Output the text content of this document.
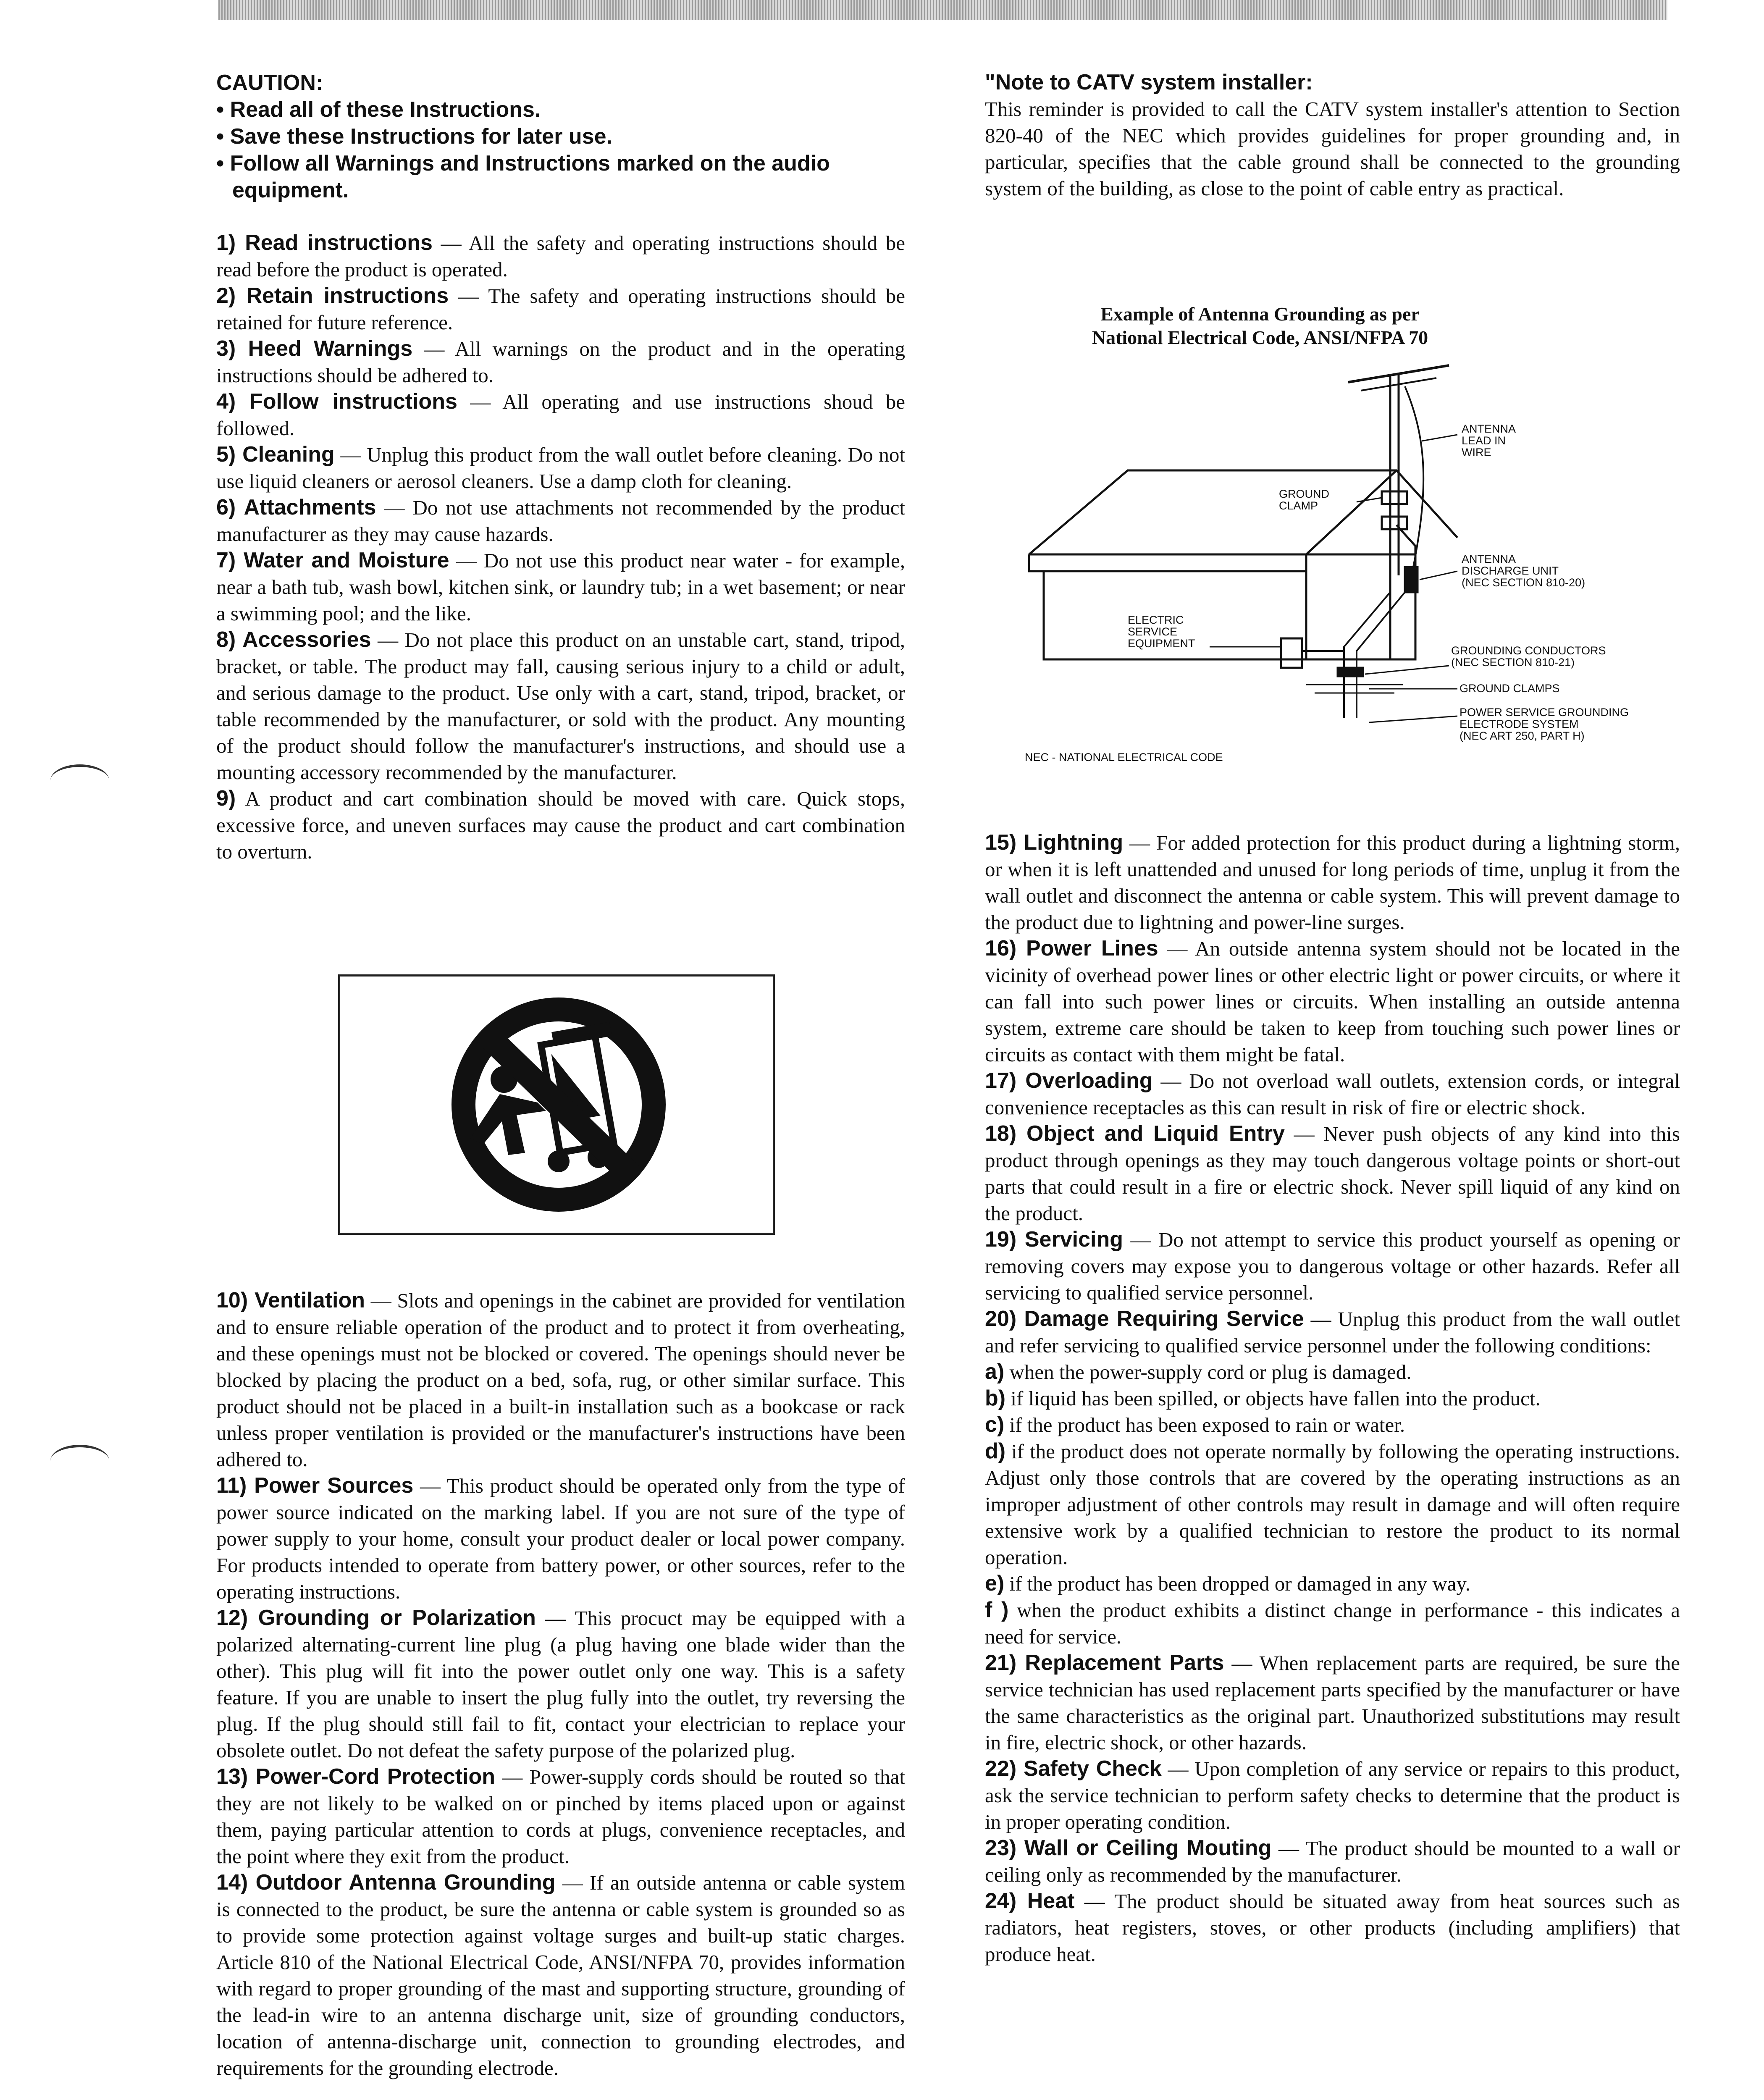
CAUTION:

• Read all of these Instructions.

• Save these Instructions for later use.

• Follow all Warnings and Instructions marked on the audio

equipment.

1) Read instructions — All the safety and operating instructions should be read before the product is operated.

2) Retain instructions — The safety and operating instructions should be retained for future reference.

3) Heed Warnings — All warnings on the product and in the operating instructions should be adhered to.

4) Follow instructions — All operating and use instructions shoud be followed.

5) Cleaning — Unplug this product from the wall outlet before cleaning. Do not use liquid cleaners or aerosol cleaners. Use a damp cloth for cleaning.

6) Attachments — Do not use attachments not recommended by the product manufacturer as they may cause hazards.

7) Water and Moisture — Do not use this product near water - for example, near a bath tub, wash bowl, kitchen sink, or laundry tub; in a wet basement; or near a swimming pool; and the like.

8) Accessories — Do not place this product on an unstable cart, stand, tripod, bracket, or table. The product may fall, causing serious injury to a child or adult, and serious damage to the product. Use only with a cart, stand, tripod, bracket, or table recommended by the manufacturer, or sold with the product. Any mounting of the product should follow the manufacturer's instructions, and should use a mounting accessory recommended by the manufacturer.

9) A product and cart combination should be moved with care. Quick stops, excessive force, and uneven surfaces may cause the product and cart combination to overturn.

10) Ventilation — Slots and openings in the cabinet are provided for ventilation and to ensure reliable operation of the product and to protect it from overheating, and these openings must not be blocked or covered. The openings should never be blocked by placing the product on a bed, sofa, rug, or other similar surface. This product should not be placed in a built-in installation such as a bookcase or rack unless proper ventilation is provided or the manufacturer's instructions have been adhered to.

11) Power Sources — This product should be operated only from the type of power source indicated on the marking label. If you are not sure of the type of power supply to your home, consult your product dealer or local power company. For products intended to operate from battery power, or other sources, refer to the operating instructions.

12) Grounding or Polarization — This procuct may be equipped with a polarized alternating-current line plug (a plug having one blade wider than the other). This plug will fit into the power outlet only one way. This is a safety feature. If you are unable to insert the plug fully into the outlet, try reversing the plug. If the plug should still fail to fit, contact your electrician to replace your obsolete outlet. Do not defeat the safety purpose of the polarized plug.

13) Power-Cord Protection — Power-supply cords should be routed so that they are not likely to be walked on or pinched by items placed upon or against them, paying particular attention to cords at plugs, convenience receptacles, and the point where they exit from the product.

14) Outdoor Antenna Grounding — If an outside antenna or cable system is connected to the product, be sure the antenna or cable system is grounded so as to provide some protection against voltage surges and built-up static charges. Article 810 of the National Electrical Code, ANSI/NFPA 70, provides information with regard to proper grounding of the mast and supporting structure, grounding of the lead-in wire to an antenna discharge unit, size of grounding conductors, location of antenna-discharge unit, connection to grounding electrodes, and requirements for the grounding electrode.

"Note to CATV system installer:

This reminder is provided to call the CATV system installer's attention to Section 820-40 of the NEC which provides guidelines for proper grounding and, in particular, specifies that the cable ground shall be connected to the grounding system of the building, as close to the point of cable entry as practical.

Example of Antenna Grounding as per
National Electrical Code, ANSI/NFPA 70
ANTENNA
LEAD IN
WIRE
GROUND
CLAMP
ANTENNA
DISCHARGE UNIT
(NEC SECTION 810-20)
ELECTRIC
SERVICE
EQUIPMENT
GROUNDING CONDUCTORS
(NEC SECTION 810-21)
GROUND CLAMPS
POWER SERVICE GROUNDING
ELECTRODE SYSTEM
(NEC ART 250, PART H)
NEC - NATIONAL ELECTRICAL CODE

15) Lightning — For added protection for this product during a lightning storm, or when it is left unattended and unused for long periods of time, unplug it from the wall outlet and disconnect the antenna or cable system. This will prevent damage to the product due to lightning and power-line surges.

16) Power Lines — An outside antenna system should not be located in the vicinity of overhead power lines or other electric light or power circuits, or where it can fall into such power lines or circuits. When installing an outside antenna system, extreme care should be taken to keep from touching such power lines or circuits as contact with them might be fatal.

17) Overloading — Do not overload wall outlets, extension cords, or integral convenience receptacles as this can result in risk of fire or electric shock.

18) Object and Liquid Entry — Never push objects of any kind into this product through openings as they may touch dangerous voltage points or short-out parts that could result in a fire or electric shock. Never spill liquid of any kind on the product.

19) Servicing — Do not attempt to service this product yourself as opening or removing covers may expose you to dangerous voltage or other hazards. Refer all servicing to qualified service personnel.

20) Damage Requiring Service — Unplug this product from the wall outlet and refer servicing to qualified service personnel under the following conditions:

a) when the power-supply cord or plug is damaged.

b) if liquid has been spilled, or objects have fallen into the product.

c) if the product has been exposed to rain or water.

d) if the product does not operate normally by following the operating instructions. Adjust only those controls that are covered by the operating instructions as an improper adjustment of other controls may result in damage and will often require extensive work by a qualified technician to restore the product to its normal operation.

e) if the product has been dropped or damaged in any way.

f ) when the product exhibits a distinct change in performance - this indicates a need for service.

21) Replacement Parts — When replacement parts are required, be sure the service technician has used replacement parts specified by the manufacturer or have the same characteristics as the original part. Unauthorized substitutions may result in fire, electric shock, or other hazards.

22) Safety Check — Upon completion of any service or repairs to this product, ask the service technician to perform safety checks to determine that the product is in proper operating condition.

23) Wall or Ceiling Mouting — The product should be mounted to a wall or ceiling only as recommended by the manufacturer.

24) Heat — The product should be situated away from heat sources such as radiators, heat registers, stoves, or other products (including amplifiers) that produce heat.
